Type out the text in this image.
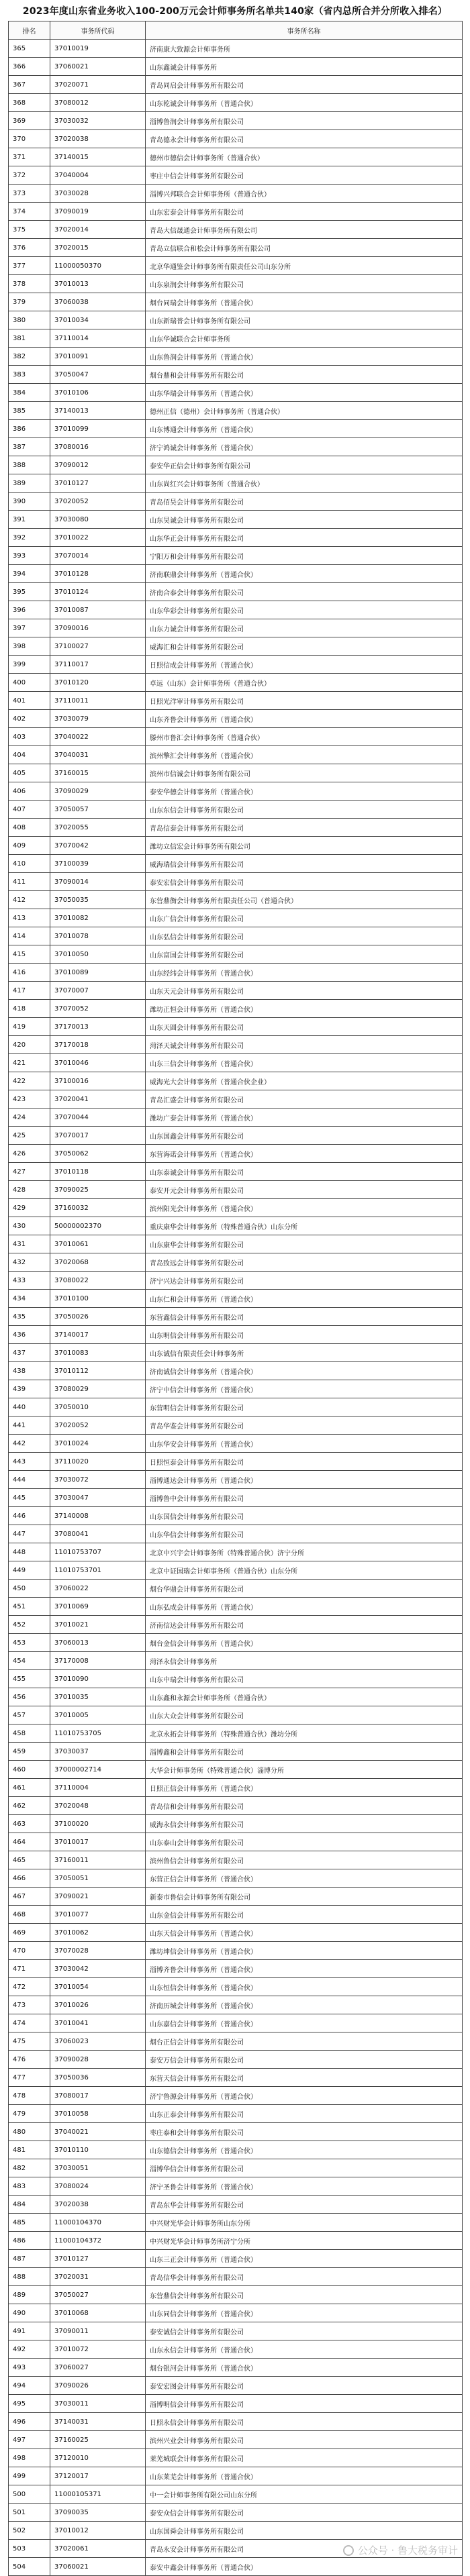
2023年度山东省业务收入100-200万元会计师事务所名单共140家（省内总所合并分所收入排名）
排名	事务所代码	事务所名称
365	37010019	济南康大致源会计师事务所
366	37060021	山东鑫诚会计师事务所
367	37020071	青岛同启会计师事务所有限公司
368	37080012	山东乾诚会计师事务所（普通合伙）
369	37030032	淄博鲁润会计师事务所有限公司
370	37020038	青岛德永会计师事务所有限公司
371	37140015	德州市德信会计师事务所（普通合伙）
372	37040004	枣庄中信会计师事务所有限公司
373	37030028	淄博兴邦联合会计师事务所（普通合伙）
374	37090019	山东宏泰会计师事务所有限公司
375	37020014	青岛大信晟通会计师事务所有限公司
376	37020015	青岛立信联合和松会计师事务所有限公司
377	11000050370	北京华通鉴会计师事务所有限责任公司山东分所
378	37010013	山东泉润会计师事务所有限公司
379	37060038	烟台同瑞会计师事务所（普通合伙）
380	37010034	山东新瑞普会计师事务所有限公司
381	37110014	山东华诚联合会计师事务所
382	37010091	山东鲁润会计师事务所（普通合伙）
383	37050047	烟台鼎和会计师事务所有限公司
384	37010106	山东华瑞会计师事务所（普通合伙）
385	37140013	德州正信（德州）会计师事务所（普通合伙）
386	37010099	山东博通会计师事务所（普通合伙）
387	37080016	济宁鸿诚会计师事务所（普通合伙）
388	37090012	泰安华正信会计师事务所有限公司
389	37010127	山东尚红兴会计师事务所（普通合伙）
390	37020052	青岛佰昊会计师事务所有限公司
391	37030080	山东昊诚会计师事务所有限公司
392	37010022	山东华正会计师事务所有限公司
393	37070014	宁阳万和会计师事务所有限公司
394	37010128	济南联鼎会计师事务所（普通合伙）
395	37010124	济南合泰会计师事务所有限公司
396	37010087	山东华彩会计师事务所有限公司
397	37090016	山东力诚会计师事务所有限公司
398	37100027	威海汇和会计师事务所有限公司
399	37110017	日照信成会计师事务所（普通合伙）
400	37010120	卓远（山东）会计师事务所（普通合伙）
401	37110011	日照光洋审计师事务所有限公司
402	37030079	山东齐鲁会计师事务所（普通合伙）
403	37040022	滕州市鲁汇会计师事务所（普通合伙）
404	37040031	滨州擎汇会计师事务所（普通合伙）
405	37160015	滨州市信诚会计师事务所有限公司
406	37090029	泰安华德会计师事务所（普通合伙）
407	37050057	山东东信会计师事务所有限公司
408	37020055	青岛信泰会计师事务所有限公司
409	37070042	潍坊立信宏会计师事务所有限公司
410	37100039	威海瑞信会计师事务所有限公司
411	37090014	泰安宏信会计师事务所有限公司
412	37050035	东营鼎衡会计师事务所有限责任公司（普通合伙）
413	37010082	山东广信会计师事务所有限公司
414	37010078	山东弘信会计师事务所有限公司
415	37010050	山东富国会计师事务所有限公司
416	37010089	山东经纬会计师事务所（普通合伙）
417	37070007	山东天元会计师事务所有限公司
418	37070052	潍坊正恒会计师事务所（普通合伙）
419	37170013	山东天圆会计师事务所有限公司
420	37170018	菏泽天诚会计师事务所有限公司
421	37010046	山东三信会计师事务所（普通合伙）
422	37100016	威海光大会计师事务所（普通合伙企业）
423	37020041	青岛汇盛会计师事务所有限公司
424	37070044	潍坊广泰会计师事务所（普通合伙）
425	37070017	山东国鑫会计师事务所有限公司
426	37050062	东营海诺会计师事务所（普通合伙）
427	37010118	山东泰诚会计师事务所有限公司
428	37090025	泰安开元会计师事务所有限公司
429	37160032	滨州阳光会计师事务所（普通合伙）
430	50000002370	重庆康华会计师事务所（特殊普通合伙）山东分所
431	37010061	山东康华会计师事务所有限公司
432	37020068	青岛致远会计师事务所有限公司
433	37080022	济宁兴达会计师事务所有限公司
434	37010100	山东仁和会计师事务所（普通合伙）
435	37050026	东营鑫信会计师事务所有限公司
436	37140017	山东明信会计师事务所有限公司
437	37010083	山东诚信有限责任会计师事务所
438	37010112	济南诚信会计师事务所（普通合伙）
439	37080029	济宁中信会计师事务所（普通合伙）
440	37050010	东营明信会计师事务所有限公司
441	37020052	青岛华鉴会计师事务所有限公司
442	37010024	山东华安会计师事务所（普通合伙）
443	37110020	日照恒泰会计师事务所有限公司
444	37030072	淄博通达会计师事务所（普通合伙）
445	37030047	淄博鲁中会计师事务所有限公司
446	37140008	山东国信会计师事务所有限公司
447	37080041	山东华信会计师事务所有限公司
448	11010753707	北京中兴宇会计师事务所（特殊普通合伙）济宁分所
449	11010753701	北京中证国瑞会计师事务所（普通合伙）山东分所
450	37060022	烟台华鼎会计师事务所有限公司
451	37010069	山东弘成会计师事务所（普通合伙）
452	37010021	济南信达会计师事务所有限公司
453	37060013	烟台金信会计师事务所（普通合伙）
454	37170008	菏泽永信会计师事务所
455	37010090	山东中瑞会计师事务所有限公司
456	37010035	山东鑫和永源会计师事务所（普通合伙）
457	37010005	山东大众会计师事务所有限公司
458	11010753705	北京永拓会计师事务所（特殊普通合伙）潍坊分所
459	37030037	淄博鑫和会计师事务所有限公司
460	37000002714	大华会计师事务所（特殊普通合伙）淄博分所
461	37110004	日照正信会计师事务所（普通合伙）
462	37020048	青岛信和会计师事务所有限公司
463	37100020	威海永信会计师事务所有限公司
464	37010017	山东泰山会计师事务所有限公司
465	37160011	滨州鲁信会计师事务所有限公司
466	37050051	东营正信会计师事务所（普通合伙）
467	37090021	新泰市鲁信会计师事务所有限公司
468	37010077	山东金信会计师事务所有限公司
469	37010062	山东天信会计师事务所（普通合伙）
470	37070028	潍坊坤信会计师事务所（普通合伙）
471	37030042	淄博齐鲁会计师事务所（普通合伙）
472	37010054	山东恒信会计师事务所（普通合伙）
473	37010026	济南历城会计师事务所（普通合伙）
474	37010041	山东嘉信会计师事务所（普通合伙）
475	37060023	烟台正信会计师事务所有限公司
476	37090028	泰安万信会计师事务所有限公司
477	37050036	东营天信会计师事务所有限公司
478	37080017	济宁鲁源会计师事务所（普通合伙）
479	37010058	山东正泰会计师事务所有限公司
480	37040021	枣庄泰和会计师事务所有限公司
481	37010110	山东德信会计师事务所（普通合伙）
482	37030051	淄博华信会计师事务所有限公司
483	37080024	济宁圣鲁会计师事务所（普通合伙）
484	37020038	青岛东华会计师事务所有限公司
485	11000104370	中兴财光华会计师事务所山东分所
486	11000104372	中兴财光华会计师事务所济宁分所
487	37010127	山东三正会计师事务所（普通合伙）
488	37020031	青岛信华会计师事务所有限公司
489	37050027	东营鼎信会计师事务所有限公司
490	37010068	山东同信会计师事务所（普通合伙）
491	37090011	泰安诚信会计师事务所有限公司
492	37010072	山东永信会计师事务所（普通合伙）
493	37060027	烟台银河会计师事务所（普通合伙）
494	37090026	泰安宏图会计师事务所有限公司
495	37030011	淄博明信会计师事务所有限公司
496	37140031	日照永信会计师事务所有限公司
497	37160025	滨州兴业会计师事务所有限公司
498	37120010	莱芜城联会计师事务所有限公司
499	37120017	山东莱芜会计师事务所（普通合伙）
500	11000105371	中一会计师事务所有限公司山东分所
501	37090035	泰安众信会计师事务所有限公司
502	37010012	山东国舜会计师事务所有限公司
503	37020061	青岛永安会计师事务所有限公司
504	37060021	泰安中鑫会计师事务所（普通合伙）
公众号 · 鲁大税务审计
